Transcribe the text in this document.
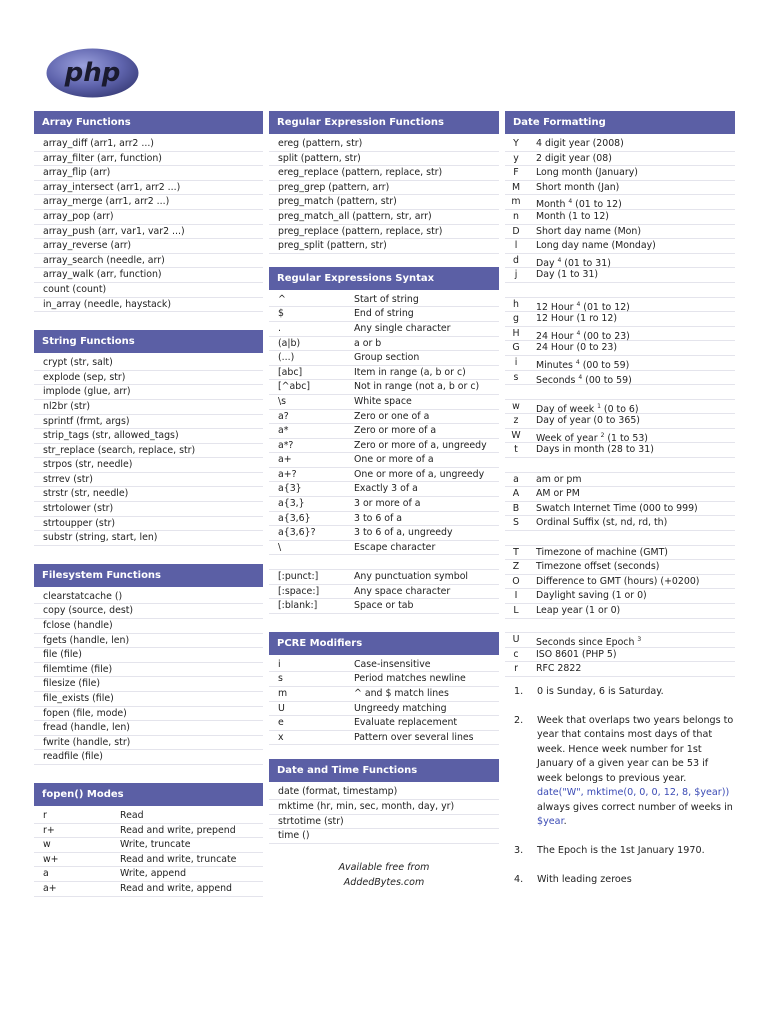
php
Array Functions
array_diff (arr1, arr2 ...)
array_filter (arr, function)
array_flip (arr)
array_intersect (arr1, arr2 ...)
array_merge (arr1, arr2 ...)
array_pop (arr)
array_push (arr, var1, var2 ...)
array_reverse (arr)
array_search (needle, arr)
array_walk (arr, function)
count (count)
in_array (needle, haystack)
String Functions
crypt (str, salt)
explode (sep, str)
implode (glue, arr)
nl2br (str)
sprintf (frmt, args)
strip_tags (str, allowed_tags)
str_replace (search, replace, str)
strpos (str, needle)
strrev (str)
strstr (str, needle)
strtolower (str)
strtoupper (str)
substr (string, start, len)
Filesystem Functions
clearstatcache ()
copy (source, dest)
fclose (handle)
fgets (handle, len)
file (file)
filemtime (file)
filesize (file)
file_exists (file)
fopen (file, mode)
fread (handle, len)
fwrite (handle, str)
readfile (file)
fopen() Modes
r	Read
r+	Read and write, prepend
w	Write, truncate
w+	Read and write, truncate
a	Write, append
a+	Read and write, append
Regular Expression Functions
ereg (pattern, str)
split (pattern, str)
ereg_replace (pattern, replace, str)
preg_grep (pattern, arr)
preg_match (pattern, str)
preg_match_all (pattern, str, arr)
preg_replace (pattern, replace, str)
preg_split (pattern, str)
Regular Expressions Syntax
^	Start of string
$	End of string
.	Any single character
(a|b)	a or b
(...)	Group section
[abc]	Item in range (a, b or c)
[^abc]	Not in range (not a, b or c)
\s	White space
a?	Zero or one of a
a*	Zero or more of a
a*?	Zero or more of a, ungreedy
a+	One or more of a
a+?	One or more of a, ungreedy
a{3}	Exactly 3 of a
a{3,}	3 or more of a
a{3,6}	3 to 6 of a
a{3,6}?	3 to 6 of a, ungreedy
\	Escape character
[:punct:]	Any punctuation symbol
[:space:]	Any space character
[:blank:]	Space or tab
PCRE Modifiers
i	Case-insensitive
s	Period matches newline
m	^ and $ match lines
U	Ungreedy matching
e	Evaluate replacement
x	Pattern over several lines
Date and Time Functions
date (format, timestamp)
mktime (hr, min, sec, month, day, yr)
strtotime (str)
time ()
Available free from
AddedBytes.com
Date Formatting
Y	4 digit year (2008)
y	2 digit year (08)
F	Long month (January)
M	Short month (Jan)
m	Month $^4$ (01 to 12)
n	Month (1 to 12)
D	Short day name (Mon)
l	Long day name (Monday)
d	Day $^4$ (01 to 31)
j	Day (1 to 31)
h	12 Hour $^4$ (01 to 12)
g	12 Hour (1 ro 12)
H	24 Hour $^4$ (00 to 23)
G	24 Hour (0 to 23)
i	Minutes $^4$ (00 to 59)
s	Seconds $^4$ (00 to 59)
w	Day of week $^1$ (0 to 6)
z	Day of year (0 to 365)
W	Week of year $^2$ (1 to 53)
t	Days in month (28 to 31)
a	am or pm
A	AM or PM
B	Swatch Internet Time (000 to 999)
S	Ordinal Suffix (st, nd, rd, th)
T	Timezone of machine (GMT)
Z	Timezone offset (seconds)
O	Difference to GMT (hours) (+0200)
I	Daylight saving (1 or 0)
L	Leap year (1 or 0)
U	Seconds since Epoch $^3$
c	ISO 8601 (PHP 5)
r	RFC 2822
1.	0 is Sunday, 6 is Saturday.
2.	Week that overlaps two years belongs to year that contains most days of that week. Hence week number for 1st January of a given year can be 53 if week belongs to previous year. date("W", mktime(0, 0, 0, 12, 8, $year)) always gives correct number of weeks in $year.
3.	The Epoch is the 1st January 1970.
4.	With leading zeroes
